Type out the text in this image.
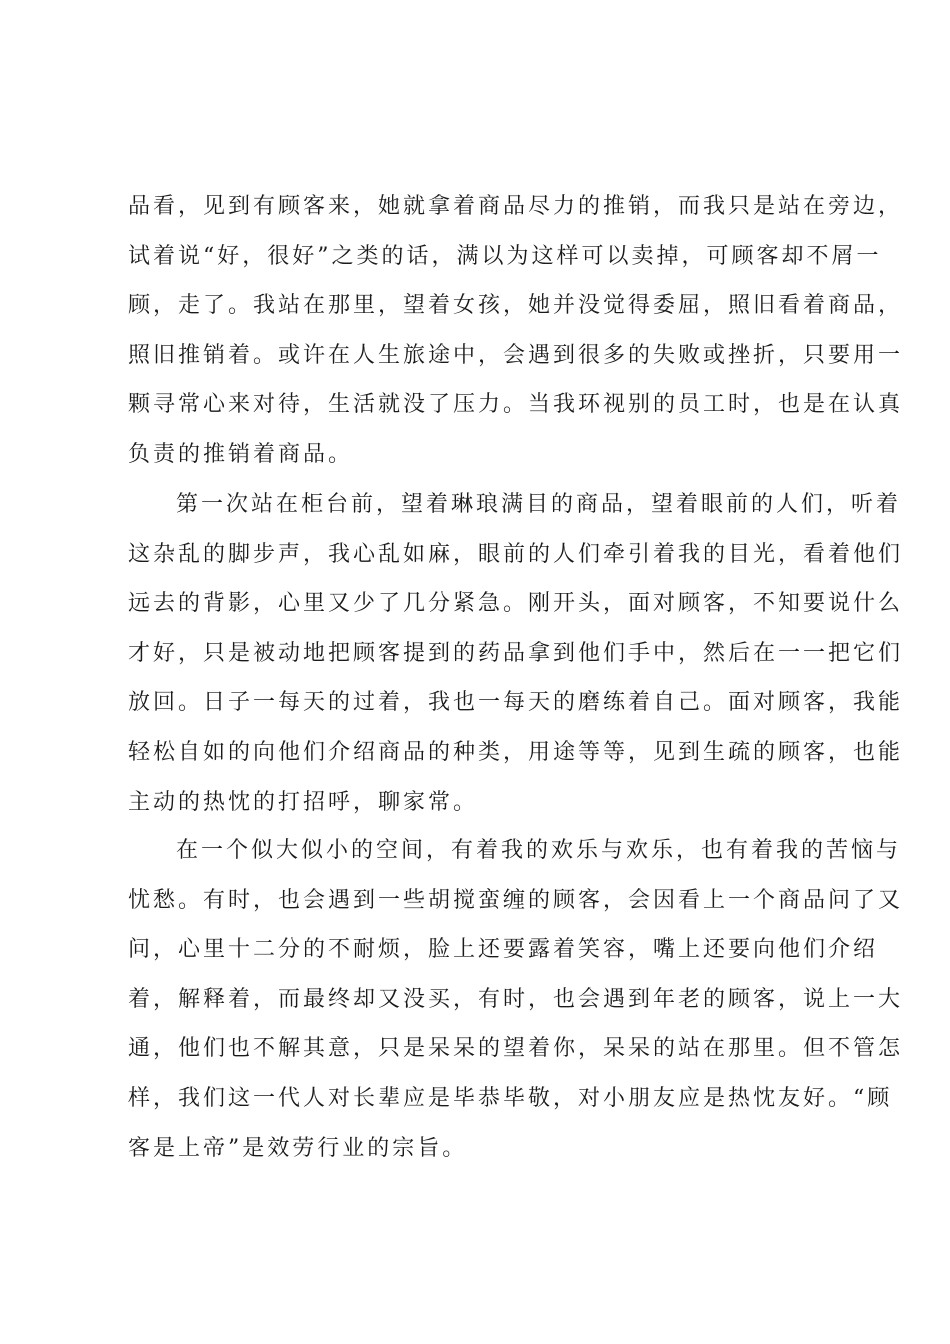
品看，见到有顾客来，她就拿着商品尽力的推销，而我只是站在旁边，
试着说“好，很好”之类的话，满以为这样可以卖掉，可顾客却不屑一
顾，走了。我站在那里，望着女孩，她并没觉得委屈，照旧看着商品，
照旧推销着。或许在人生旅途中，会遇到很多的失败或挫折，只要用一
颗寻常心来对待，生活就没了压力。当我环视别的员工时，也是在认真
负责的推销着商品。
第一次站在柜台前，望着琳琅满目的商品，望着眼前的人们，听着
这杂乱的脚步声，我心乱如麻，眼前的人们牵引着我的目光，看着他们
远去的背影，心里又少了几分紧急。刚开头，面对顾客，不知要说什么
才好，只是被动地把顾客提到的药品拿到他们手中，然后在一一把它们
放回。日子一每天的过着，我也一每天的磨练着自己。面对顾客，我能
轻松自如的向他们介绍商品的种类，用途等等，见到生疏的顾客，也能
主动的热忱的打招呼，聊家常。
在一个似大似小的空间，有着我的欢乐与欢乐，也有着我的苦恼与
忧愁。有时，也会遇到一些胡搅蛮缠的顾客，会因看上一个商品问了又
问，心里十二分的不耐烦，脸上还要露着笑容，嘴上还要向他们介绍
着，解释着，而最终却又没买，有时，也会遇到年老的顾客，说上一大
通，他们也不解其意，只是呆呆的望着你，呆呆的站在那里。但不管怎
样，我们这一代人对长辈应是毕恭毕敬，对小朋友应是热忱友好。“顾
客是上帝”是效劳行业的宗旨。
